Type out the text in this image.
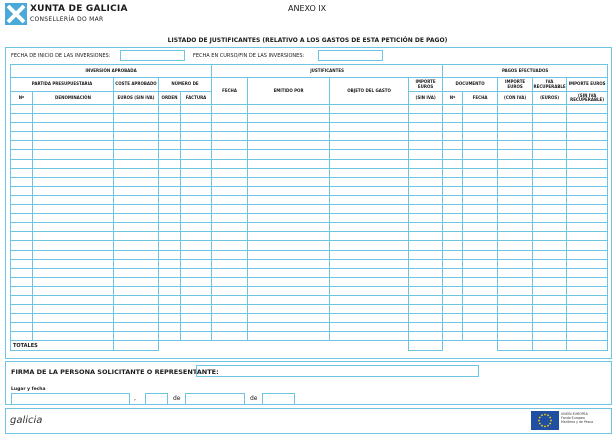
XUNTA DE GALICIA
CONSELLERÍA DO MAR
ANEXO IX
LISTADO DE JUSTIFICANTES (RELATIVO A LOS GASTOS DE ESTA PETICIÓN DE PAGO)
FECHA DE INICIO DE LAS INVERSIONES:	FECHA EN CURSO/FIN DE LAS INVERSIONES:
INVERSIÓN APROBADA					JUSTIFICANTES				PAGOS EFECTUADOS				
PARTIDA PRESUPUESTARIA		COSTE APROBADO	NÚMERO DE		FECHA	EMITIDO POR	OBJETO DEL GASTO	IMPORTE EUROS	DOCUMENTO		IMPORTE EUROS	IVA RECUPERABLE	IMPORTE EUROS
Nº	DENOMINACIÓN	EUROS (SIN IVA)	ORDEN	FACTURA				(SIN IVA)	Nº	FECHA	(CON IVA)	(EUROS)	(SIN IVA RECUPERABLE)

TOTALES													
FIRMA DE LA PERSONA SOLICITANTE O REPRESENTANTE:
Lugar y fecha
,	de	de
galicia
UNIÓN EUROPEA
Fondo Europeo
Marítimo y de Pesca
